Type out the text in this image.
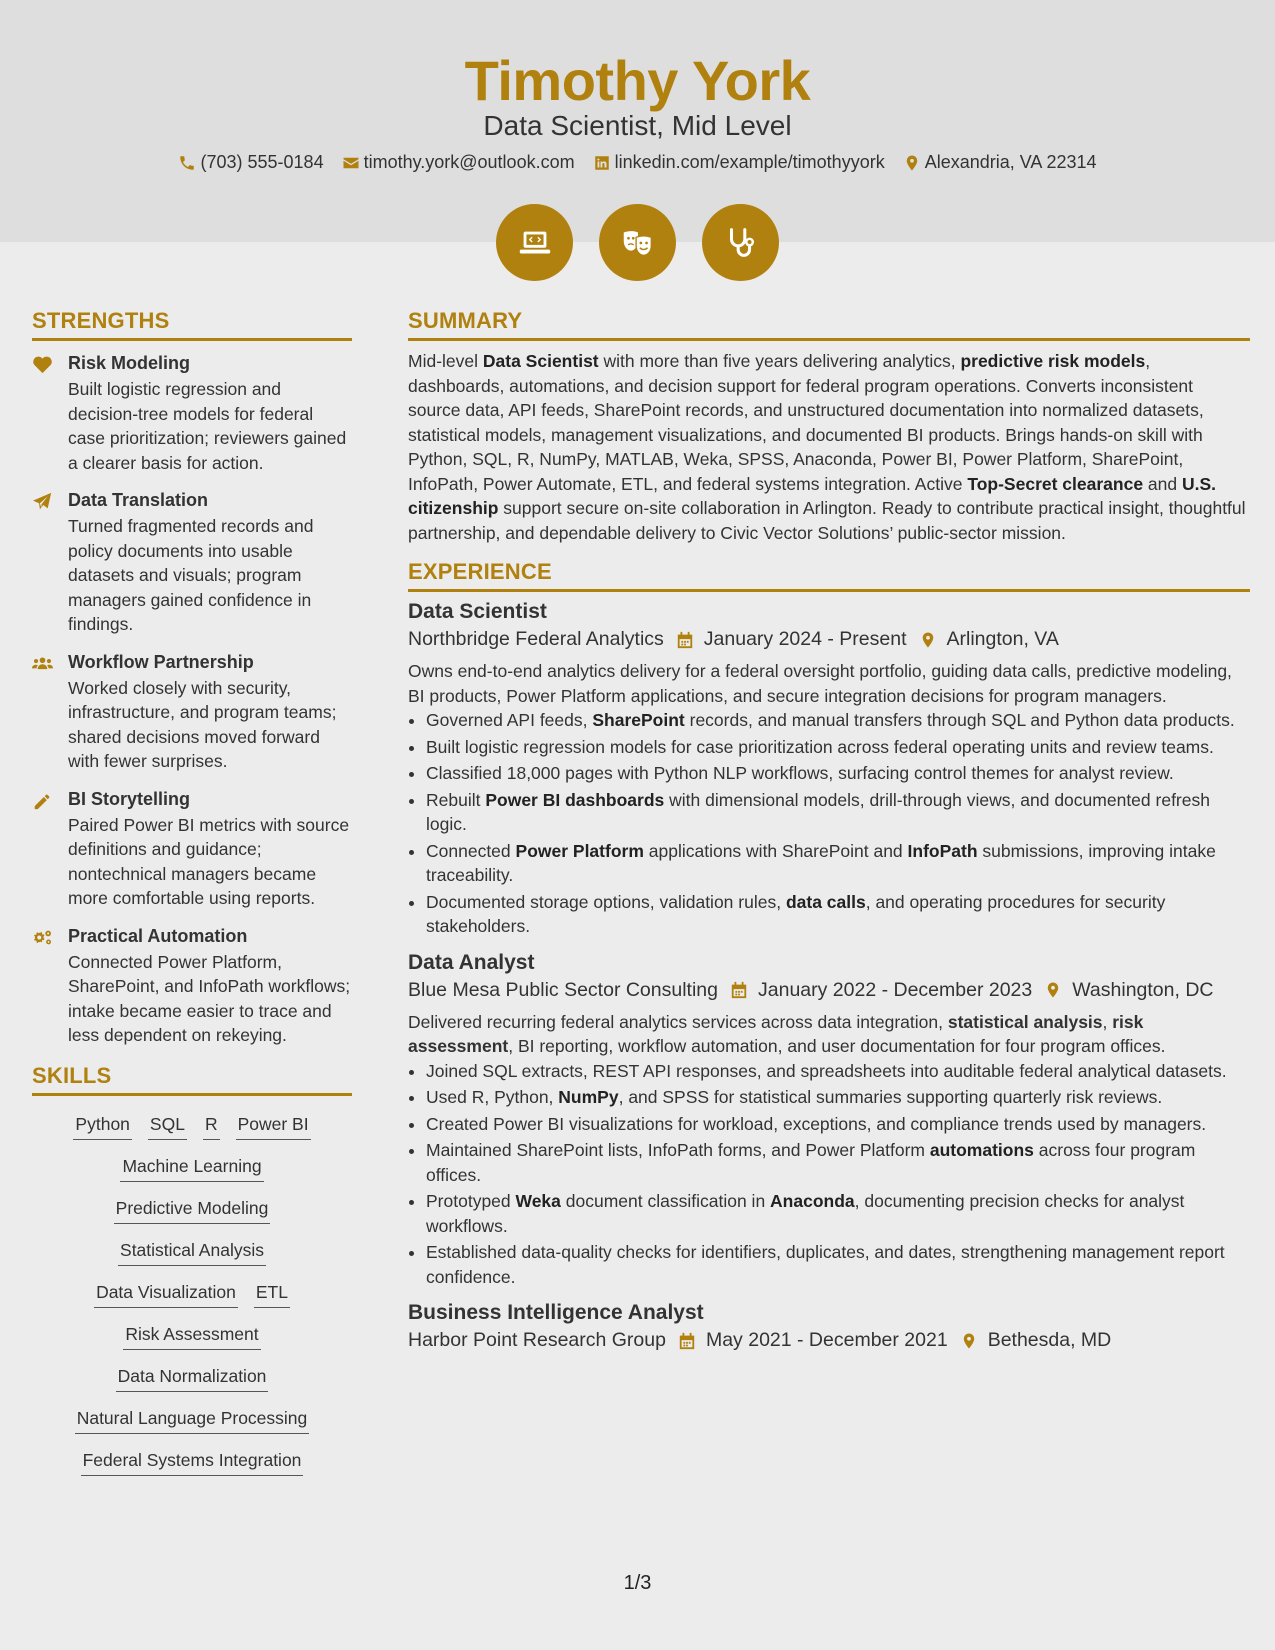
Timothy York
Data Scientist, Mid Level
(703) 555-0184 timothy.york@outlook.com linkedin.com/example/timothyyork Alexandria, VA 22314
STRENGTHS
Risk Modeling

Built logistic regression and decision-tree models for federal case prioritization; reviewers gained a clearer basis for action.

Data Translation

Turned fragmented records and policy documents into usable datasets and visuals; program managers gained confidence in findings.

Workflow Partnership

Worked closely with security, infrastructure, and program teams; shared decisions moved forward with fewer surprises.

BI Storytelling

Paired Power BI metrics with source definitions and guidance; nontechnical managers became more comfortable using reports.

Practical Automation

Connected Power Platform, SharePoint, and InfoPath workflows; intake became easier to trace and less dependent on rekeying.

SKILLS
Python SQL R Power BI
Machine Learning
Predictive Modeling
Statistical Analysis
Data Visualization ETL
Risk Assessment
Data Normalization
Natural Language Processing
Federal Systems Integration
SUMMARY

Mid-level Data Scientist with more than five years delivering analytics, predictive risk models, dashboards, automations, and decision support for federal program operations. Converts inconsistent source data, API feeds, SharePoint records, and unstructured documentation into normalized datasets, statistical models, management visualizations, and documented BI products. Brings hands-on skill with Python, SQL, R, NumPy, MATLAB, Weka, SPSS, Anaconda, Power BI, Power Platform, SharePoint, InfoPath, Power Automate, ETL, and federal systems integration. Active Top-Secret clearance and U.S. citizenship support secure on-site collaboration in Arlington. Ready to contribute practical insight, thoughtful partnership, and dependable delivery to Civic Vector Solutions’ public-sector mission.

EXPERIENCE
Data Scientist
Northbridge Federal Analytics January 2024 - Present Arlington, VA

Owns end-to-end analytics delivery for a federal oversight portfolio, guiding data calls, predictive modeling, BI products, Power Platform applications, and secure integration decisions for program managers.

• Governed API feeds, SharePoint records, and manual transfers through SQL and Python data products.
• Built logistic regression models for case prioritization across federal operating units and review teams.
• Classified 18,000 pages with Python NLP workflows, surfacing control themes for analyst review.
• Rebuilt Power BI dashboards with dimensional models, drill-through views, and documented refresh logic.
• Connected Power Platform applications with SharePoint and InfoPath submissions, improving intake traceability.
• Documented storage options, validation rules, data calls, and operating procedures for security stakeholders.
Data Analyst
Blue Mesa Public Sector Consulting January 2022 - December 2023 Washington, DC

Delivered recurring federal analytics services across data integration, statistical analysis, risk assessment, BI reporting, workflow automation, and user documentation for four program offices.

• Joined SQL extracts, REST API responses, and spreadsheets into auditable federal analytical datasets.
• Used R, Python, NumPy, and SPSS for statistical summaries supporting quarterly risk reviews.
• Created Power BI visualizations for workload, exceptions, and compliance trends used by managers.
• Maintained SharePoint lists, InfoPath forms, and Power Platform automations across four program offices.
• Prototyped Weka document classification in Anaconda, documenting precision checks for analyst workflows.
• Established data-quality checks for identifiers, duplicates, and dates, strengthening management report confidence.
Business Intelligence Analyst
Harbor Point Research Group May 2021 - December 2021 Bethesda, MD
1/3
